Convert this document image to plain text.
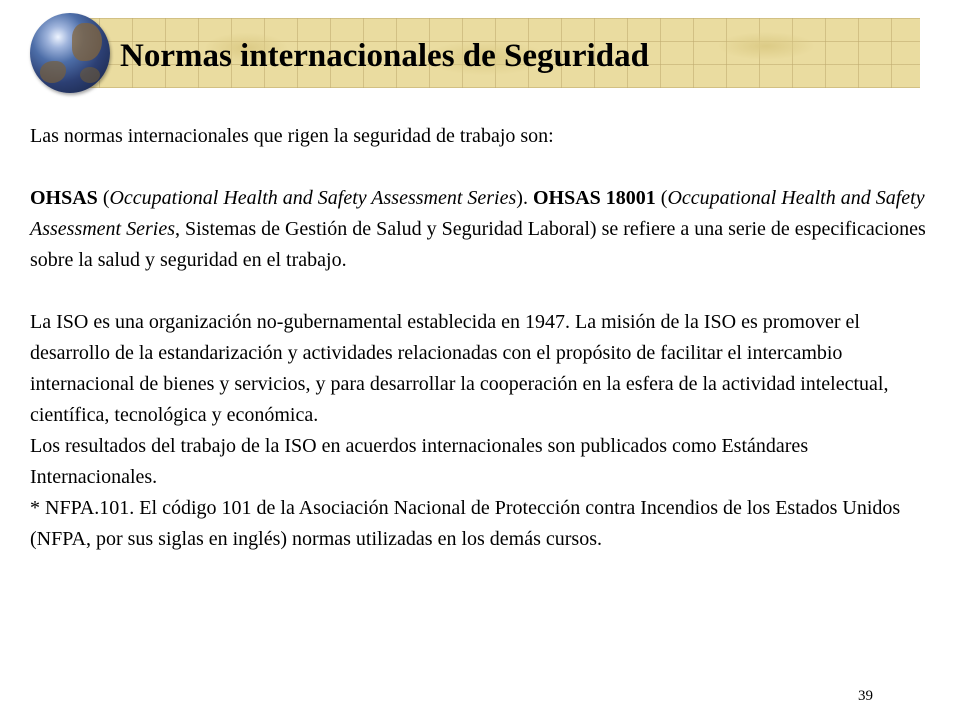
Normas internacionales de Seguridad

Las normas internacionales que rigen la seguridad de trabajo son:

OHSAS (Occupational Health and Safety Assessment Series). OHSAS 18001 (Occupational Health and Safety Assessment Series, Sistemas de Gestión de Salud y Seguridad Laboral) se refiere a una serie de especificaciones sobre la salud y seguridad en el trabajo.

La ISO es una organización no-gubernamental establecida en 1947. La misión de la ISO es promover el desarrollo de la estandarización y actividades relacionadas con el propósito de facilitar el intercambio internacional de bienes y servicios, y para desarrollar la cooperación en la esfera de la actividad intelectual, científica, tecnológica y económica.

Los resultados del trabajo de la ISO en acuerdos internacionales son publicados como Estándares Internacionales.

* NFPA.101. El código 101 de la Asociación Nacional de Protección contra Incendios de los Estados Unidos (NFPA, por sus siglas en inglés) normas utilizadas en los demás cursos.

39
